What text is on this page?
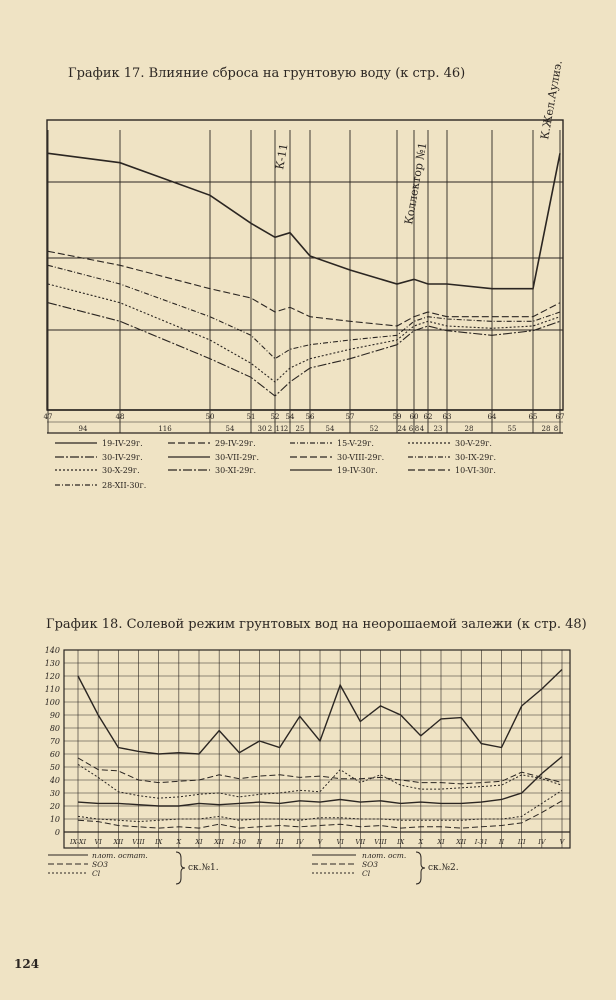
График 17. Влияние сброса на грунтовую воду (к стр. 46)
График 18. Солевой режим грунтовых вод на неорошаемой залежи (к стр. 48)
124
К-11	Коллектор №1
К.Жел.Аулиэ.
47	48	50	51 52 54 56	57	59 60 62 63	64	65	67
94	116	54	30 2 11 2 25	54	52	24 6 8 4 23	28	55	28 8
19-IV-29г.	29-IV-29г.	15-V-29г.	30-V-29г.
30-IV-29г.	30-VII-29г.	30-VIII-29г.	30-IX-29г.
30-X-29г.	30-XI-29г.	19-IV-30г.	10-VI-30г.
28-XII-30г.
0
10
20
30
40
50
60
70
80
90
100
110
120
130
140
IX-XI VI XII VIII IX X XI XII I-30 II III IV V VI VII VIII IX X XI XII I-31 II III IV V
плот. остат.
SO3
Cl
ск.№1.
плот. ост.
SO3
Cl
ск.№2.
